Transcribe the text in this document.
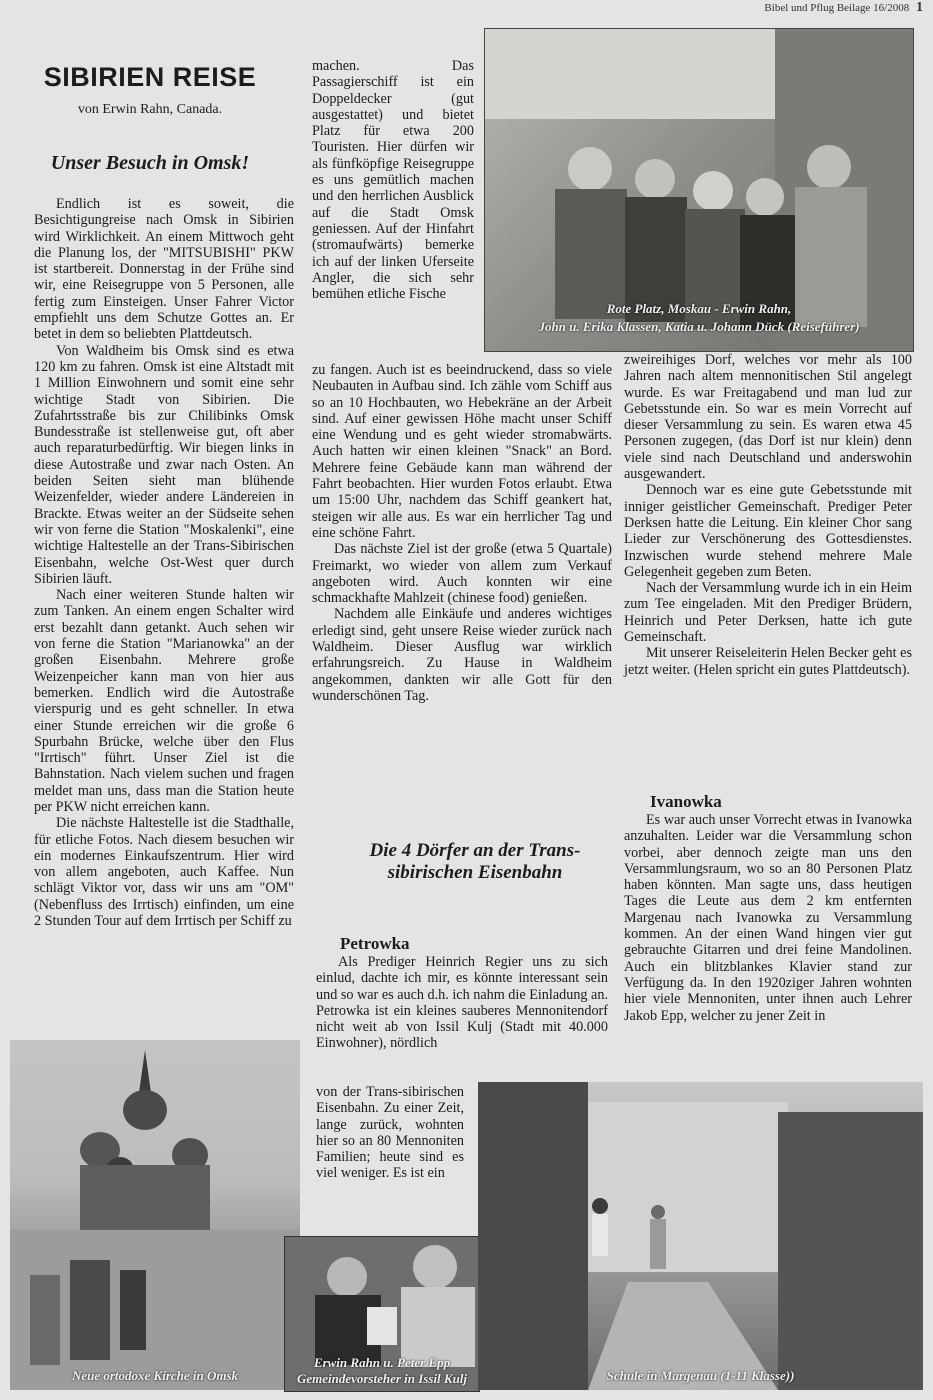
Bibel und Pflug Beilage 16/2008 1
SIBIRIEN REISE
von Erwin Rahn, Canada.
Unser Besuch in Omsk!

Endlich ist es soweit, die Besichtigungreise nach Omsk in Sibirien wird Wirklichkeit. An einem Mittwoch geht die Planung los, der "MITSUBISHI" PKW ist startbereit. Donnerstag in der Frühe sind wir, eine Reisegruppe von 5 Personen, alle fertig zum Einsteigen. Unser Fahrer Victor empfiehlt uns dem Schutze Gottes an. Er betet in dem so beliebten Plattdeutsch.

Von Waldheim bis Omsk sind es etwa 120 km zu fahren. Omsk ist eine Altstadt mit 1 Million Einwohnern und somit eine sehr wichtige Stadt von Sibirien. Die Zufahrtsstraße bis zur Chilibinks Omsk Bundesstraße ist stellenweise gut, oft aber auch reparaturbedürftig. Wir biegen links in diese Autostraße und zwar nach Osten. An beiden Seiten sieht man blühende Weizenfelder, wieder andere Ländereien in Brackte. Etwas weiter an der Südseite sehen wir von ferne die Station "Moskalenki", eine wichtige Haltestelle an der Trans-Sibirischen Eisenbahn, welche Ost-West quer durch Sibirien läuft.

Nach einer weiteren Stunde halten wir zum Tanken. An einem engen Schalter wird erst bezahlt dann getankt. Auch sehen wir von ferne die Station "Marianowka" an der großen Eisenbahn. Mehrere große Weizenpeicher kann man von hier aus bemerken. Endlich wird die Autostraße vierspurig und es geht schneller. In etwa einer Stunde erreichen wir die große 6 Spurbahn Brücke, welche über den Flus "Irrtisch" führt. Unser Ziel ist die Bahnstation. Nach vielem suchen und fragen meldet man uns, dass man die Station heute per PKW nicht erreichen kann.

Die nächste Haltestelle ist die Stadthalle, für etliche Fotos. Nach diesem besuchen wir ein modernes Einkaufszentrum. Hier wird von allem angeboten, auch Kaffee. Nun schlägt Viktor vor, dass wir uns am "OM" (Nebenfluss des Irrtisch) einfinden, um eine 2 Stunden Tour auf dem Irrtisch per Schiff zu

machen. Das Passagierschiff ist ein Doppeldecker (gut ausgestattet) und bietet Platz für etwa 200 Touristen. Hier dürfen wir als fünfköpfige Reisegruppe es uns gemütlich machen und den herrlichen Ausblick auf die Stadt Omsk geniessen. Auf der Hinfahrt (stromaufwärts) bemerke ich auf der linken Uferseite Angler, die sich sehr bemühen etliche Fische

Rote Platz, Moskau - Erwin Rahn,
John u. Erika Klassen, Katia u. Johann Dück (Reiseführer)

zu fangen. Auch ist es beeindruckend, dass so viele Neubauten in Aufbau sind. Ich zähle vom Schiff aus so an 10 Hochbauten, wo Hebekräne an der Arbeit sind. Auf einer gewissen Höhe macht unser Schiff eine Wendung und es geht wieder stromabwärts. Auch hatten wir einen kleinen "Snack" an Bord. Mehrere feine Gebäude kann man während der Fahrt beobachten. Hier wurden Fotos erlaubt. Etwa um 15:00 Uhr, nachdem das Schiff geankert hat, steigen wir alle aus. Es war ein herrlicher Tag und eine schöne Fahrt.

Das nächste Ziel ist der große (etwa 5 Quartale) Freimarkt, wo wieder von allem zum Verkauf angeboten wird. Auch konnten wir eine schmackhafte Mahlzeit (chinese food) genießen.

Nachdem alle Einkäufe und anderes wichtiges erledigt sind, geht unsere Reise wieder zurück nach Waldheim. Dieser Ausflug war wirklich erfahrungsreich. Zu Hause in Waldheim angekommen, dankten wir alle Gott für den wunderschönen Tag.

Die 4 Dörfer an der Trans-sibirischen Eisenbahn
Petrowka

Als Prediger Heinrich Regier uns zu sich einlud, dachte ich mir, es könnte interessant sein und so war es auch d.h. ich nahm die Einladung an. Petrowka ist ein kleines sauberes Mennonitendorf nicht weit ab von Issil Kulj (Stadt mit 40.000 Einwohner), nördlich

von der Trans-sibirischen Eisenbahn. Zu einer Zeit, lange zurück, wohnten hier so an 80 Mennoniten Familien; heute sind es viel weniger. Es ist ein

zweireihiges Dorf, welches vor mehr als 100 Jahren nach altem mennonitischen Stil angelegt wurde. Es war Freitagabend und man lud zur Gebetsstunde ein. So war es mein Vorrecht auf dieser Versammlung zu sein. Es waren etwa 45 Personen zugegen, (das Dorf ist nur klein) denn viele sind nach Deutschland und anderswohin ausgewandert.

Dennoch war es eine gute Gebetsstunde mit inniger geistlicher Gemeinschaft. Prediger Peter Derksen hatte die Leitung. Ein kleiner Chor sang Lieder zur Verschönerung des Gottesdienstes. Inzwischen wurde stehend mehrere Male Gelegenheit gegeben zum Beten.

Nach der Versammlung wurde ich in ein Heim zum Tee eingeladen. Mit den Prediger Brüdern, Heinrich und Peter Derksen, hatte ich gute Gemeinschaft.

Mit unserer Reiseleiterin Helen Becker geht es jetzt weiter. (Helen spricht ein gutes Plattdeutsch).

Ivanowka

Es war auch unser Vorrecht etwas in Ivanowka anzuhalten. Leider war die Versammlung schon vorbei, aber dennoch zeigte man uns den Versammlungsraum, wo so an 80 Personen Platz haben könnten. Man sagte uns, dass heutigen Tages die Leute aus dem 2 km entfernten Margenau nach Ivanowka zu Versammlung kommen. An der einen Wand hingen vier gut gebrauchte Gitarren und drei feine Mandolinen. Auch ein blitzblankes Klavier stand zur Verfügung da. In den 1920ziger Jahren wohnten hier viele Mennoniten, unter ihnen auch Lehrer Jakob Epp, welcher zu jener Zeit in

Neue ortodoxe Kirche in Omsk
Erwin Rahn u. Peter Epp
Gemeindevorsteher in Issil Kulj	Schule in Margenau (1-11 Klasse))
